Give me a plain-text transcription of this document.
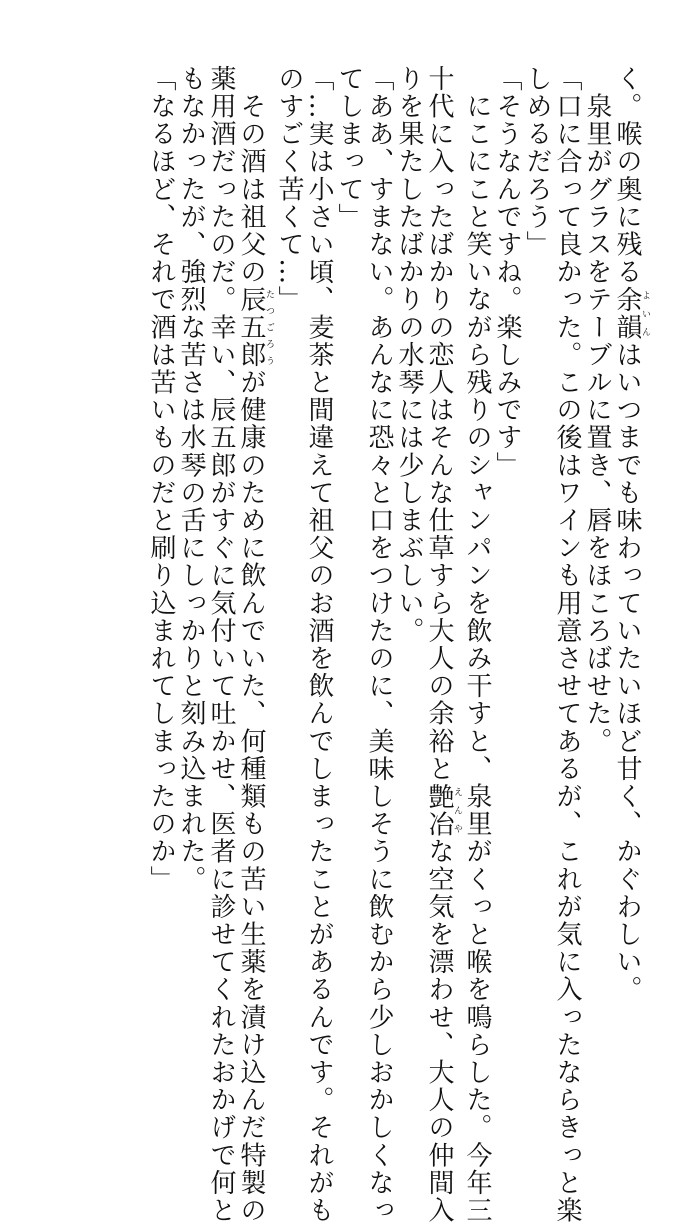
く。喉の奥に残る余韻よいんはいつまでも味わっていたいほど甘く、かぐわしい。
　泉里がグラスをテーブルに置き、唇をほころばせた。
「口に合って良かった。この後はワインも用意させてあるが、これが気に入ったならきっと楽
しめるだろう」
「そうなんですね。楽しみです」
　にこにこと笑いながら残りのシャンパンを飲み干すと、泉里がくっと喉を鳴らした。今年三
十代に入ったばかりの恋人はそんな仕草すら大人の余裕と艶冶えんやな空気を漂わせ、大人の仲間入
りを果たしたばかりの水琴には少しまぶしい。
「ああ、すまない。あんなに恐々と口をつけたのに、美味しそうに飲むから少しおかしくなっ
てしまって」
「…実は小さい頃、麦茶と間違えて祖父のお酒を飲んでしまったことがあるんです。それがも
のすごく苦くて…」
　その酒は祖父の辰五郎たつごろうが健康のために飲んでいた、何種類もの苦い生薬を漬け込んだ特製の
薬用酒だったのだ。幸い、辰五郎がすぐに気付いて吐かせ、医者に診せてくれたおかげで何と
もなかったが、強烈な苦さは水琴の舌にしっかりと刻み込まれた。
「なるほど、それで酒は苦いものだと刷り込まれてしまったのか」
